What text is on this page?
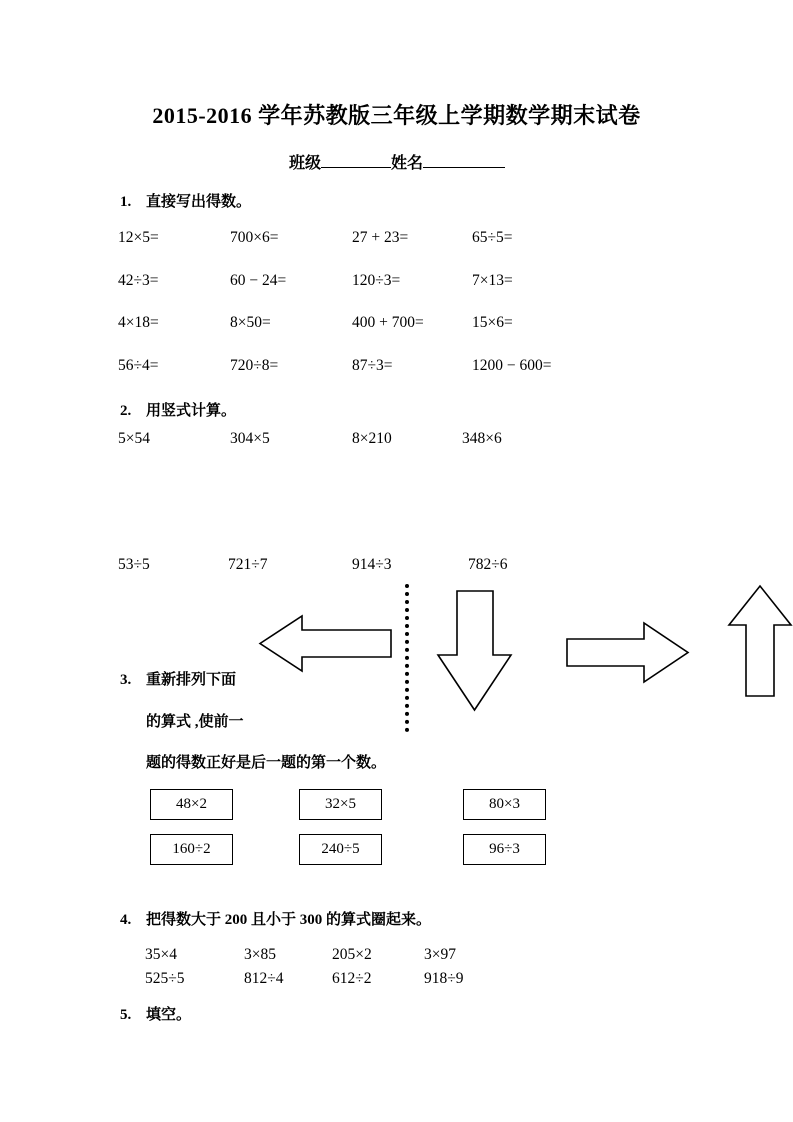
2015-2016 学年苏教版三年级上学期数学期末试卷
班级	姓名
1. 直接写出得数。
12×5=	700×6=	27 + 23=	65÷5=
42÷3=	60 − 24=	120÷3=	7×13=
4×18=	8×50=	400 + 700=	15×6=
56÷4=	720÷8=	87÷3=	1200 − 600=
2. 用竖式计算。
5×54	304×5	8×210	348×6
53÷5	721÷7	914÷3	782÷6
3. 重新排列下面
的算式 ,使前一
题的得数正好是后一题的第一个数。
48×2	32×5	80×3
160÷2	240÷5	96÷3
4. 把得数大于 200 且小于 300 的算式圈起来。
35×4	3×85	205×2	3×97
525÷5	812÷4	612÷2	918÷9
5. 填空。
